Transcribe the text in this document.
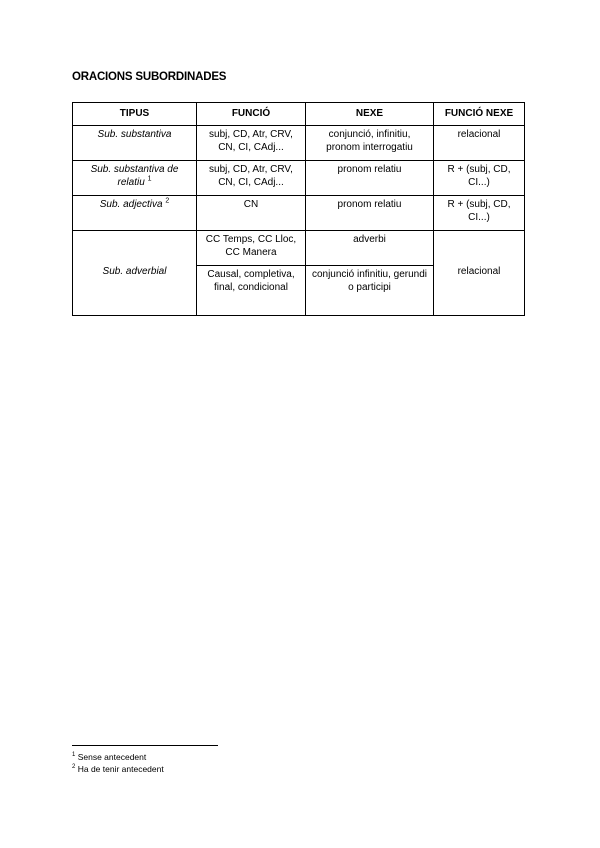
ORACIONS SUBORDINADES
TIPUS	FUNCIÓ	NEXE	FUNCIÓ NEXE
Sub. substantiva	subj, CD, Atr, CRV, CN, CI, CAdj...	conjunció, infinitiu, pronom interrogatiu	relacional
Sub. substantiva de relatiu $^1$	subj, CD, Atr, CRV, CN, CI, CAdj...	pronom relatiu	R + (subj, CD, CI...)
Sub. adjectiva $^2$	CN	pronom relatiu	R + (subj, CD, CI...)
Sub. adverbial	CC Temps, CC Lloc, CC Manera	adverbi	relacional
	Causal, completiva, final, condicional	conjunció infinitiu, gerundi o participi	
$^1$ Sense antecedent
$^2$ Ha de tenir antecedent
